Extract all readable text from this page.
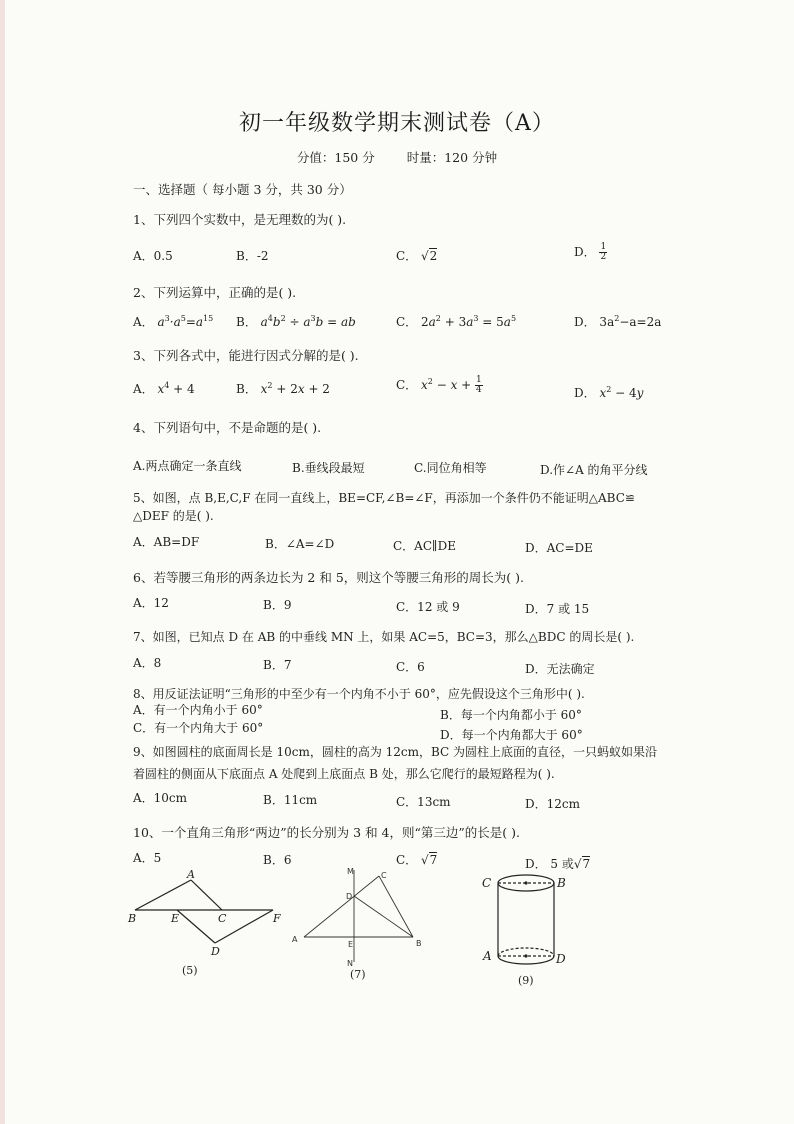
初一年级数学期末测试卷（A）
分值：150 分	时量：120 分钟
一、选择题（ 每小题 3 分，共 30 分）
1、下列四个实数中，是无理数的为( ).
A．0.5	B．-2	C． √2	D． $\frac{1}{2}$
2、下列运算中，正确的是( ).
A． $a^3\cdot a^5=a^{15}$ B． $a^4b^2 \div a^3b$ = ab	C． $2a^2 + 3a^3 = 5a^5$	D． $3a^2-a=2a$
3、下列各式中，能进行因式分解的是( ).
A． $x^4 + 4$	B． $x^2 + 2x + 2$	C． $x^2 - x + \frac{1}{4}$	D． $x^2 - 4y$
4、下列语句中，不是命题的是( ).
A.两点确定一条直线	B.垂线段最短	C.同位角相等	D.作∠A 的角平分线
5、如图，点 B,E,C,F 在同一直线上，BE=CF,∠B=∠F，再添加一个条件仍不能证明△ABC≌
△DEF 的是( ).
A．AB=DF	B．∠A=∠D	C．AC∥DE	D．AC=DE
6、若等腰三角形的两条边长为 2 和 5，则这个等腰三角形的周长为( ).
A．12	B．9	C．12 或 9	D．7 或 15
7、如图，已知点 D 在 AB 的中垂线 MN 上，如果 AC=5，BC=3，那么△BDC 的周长是( ).
A．8	B．7	C．6	D．无法确定
8、用反证法证明“三角形的中至少有一个内角不小于 60°，应先假设这个三角形中( ).
A．有一个内角小于 60°	B．每一个内角都小于 60°
C．有一个内角大于 60°	D．每一个内角都大于 60°
9、如图圆柱的底面周长是 10cm，圆柱的高为 12cm，BC 为圆柱上底面的直径，一只蚂蚁如果沿
着圆柱的侧面从下底面点 A 处爬到上底面点 B 处，那么它爬行的最短路程为( ).
A．10cm	B．11cm	C．13cm	D．12cm
10、一个直角三角形“两边”的长分别为 3 和 4，则“第三边”的长是( ).
A．5	B．6	C． √7	D． 5 或√7
A
B	E	C	F
D
(5)
M	C
D
A
E	B
N
(7)
C	B
A	D
(9)
